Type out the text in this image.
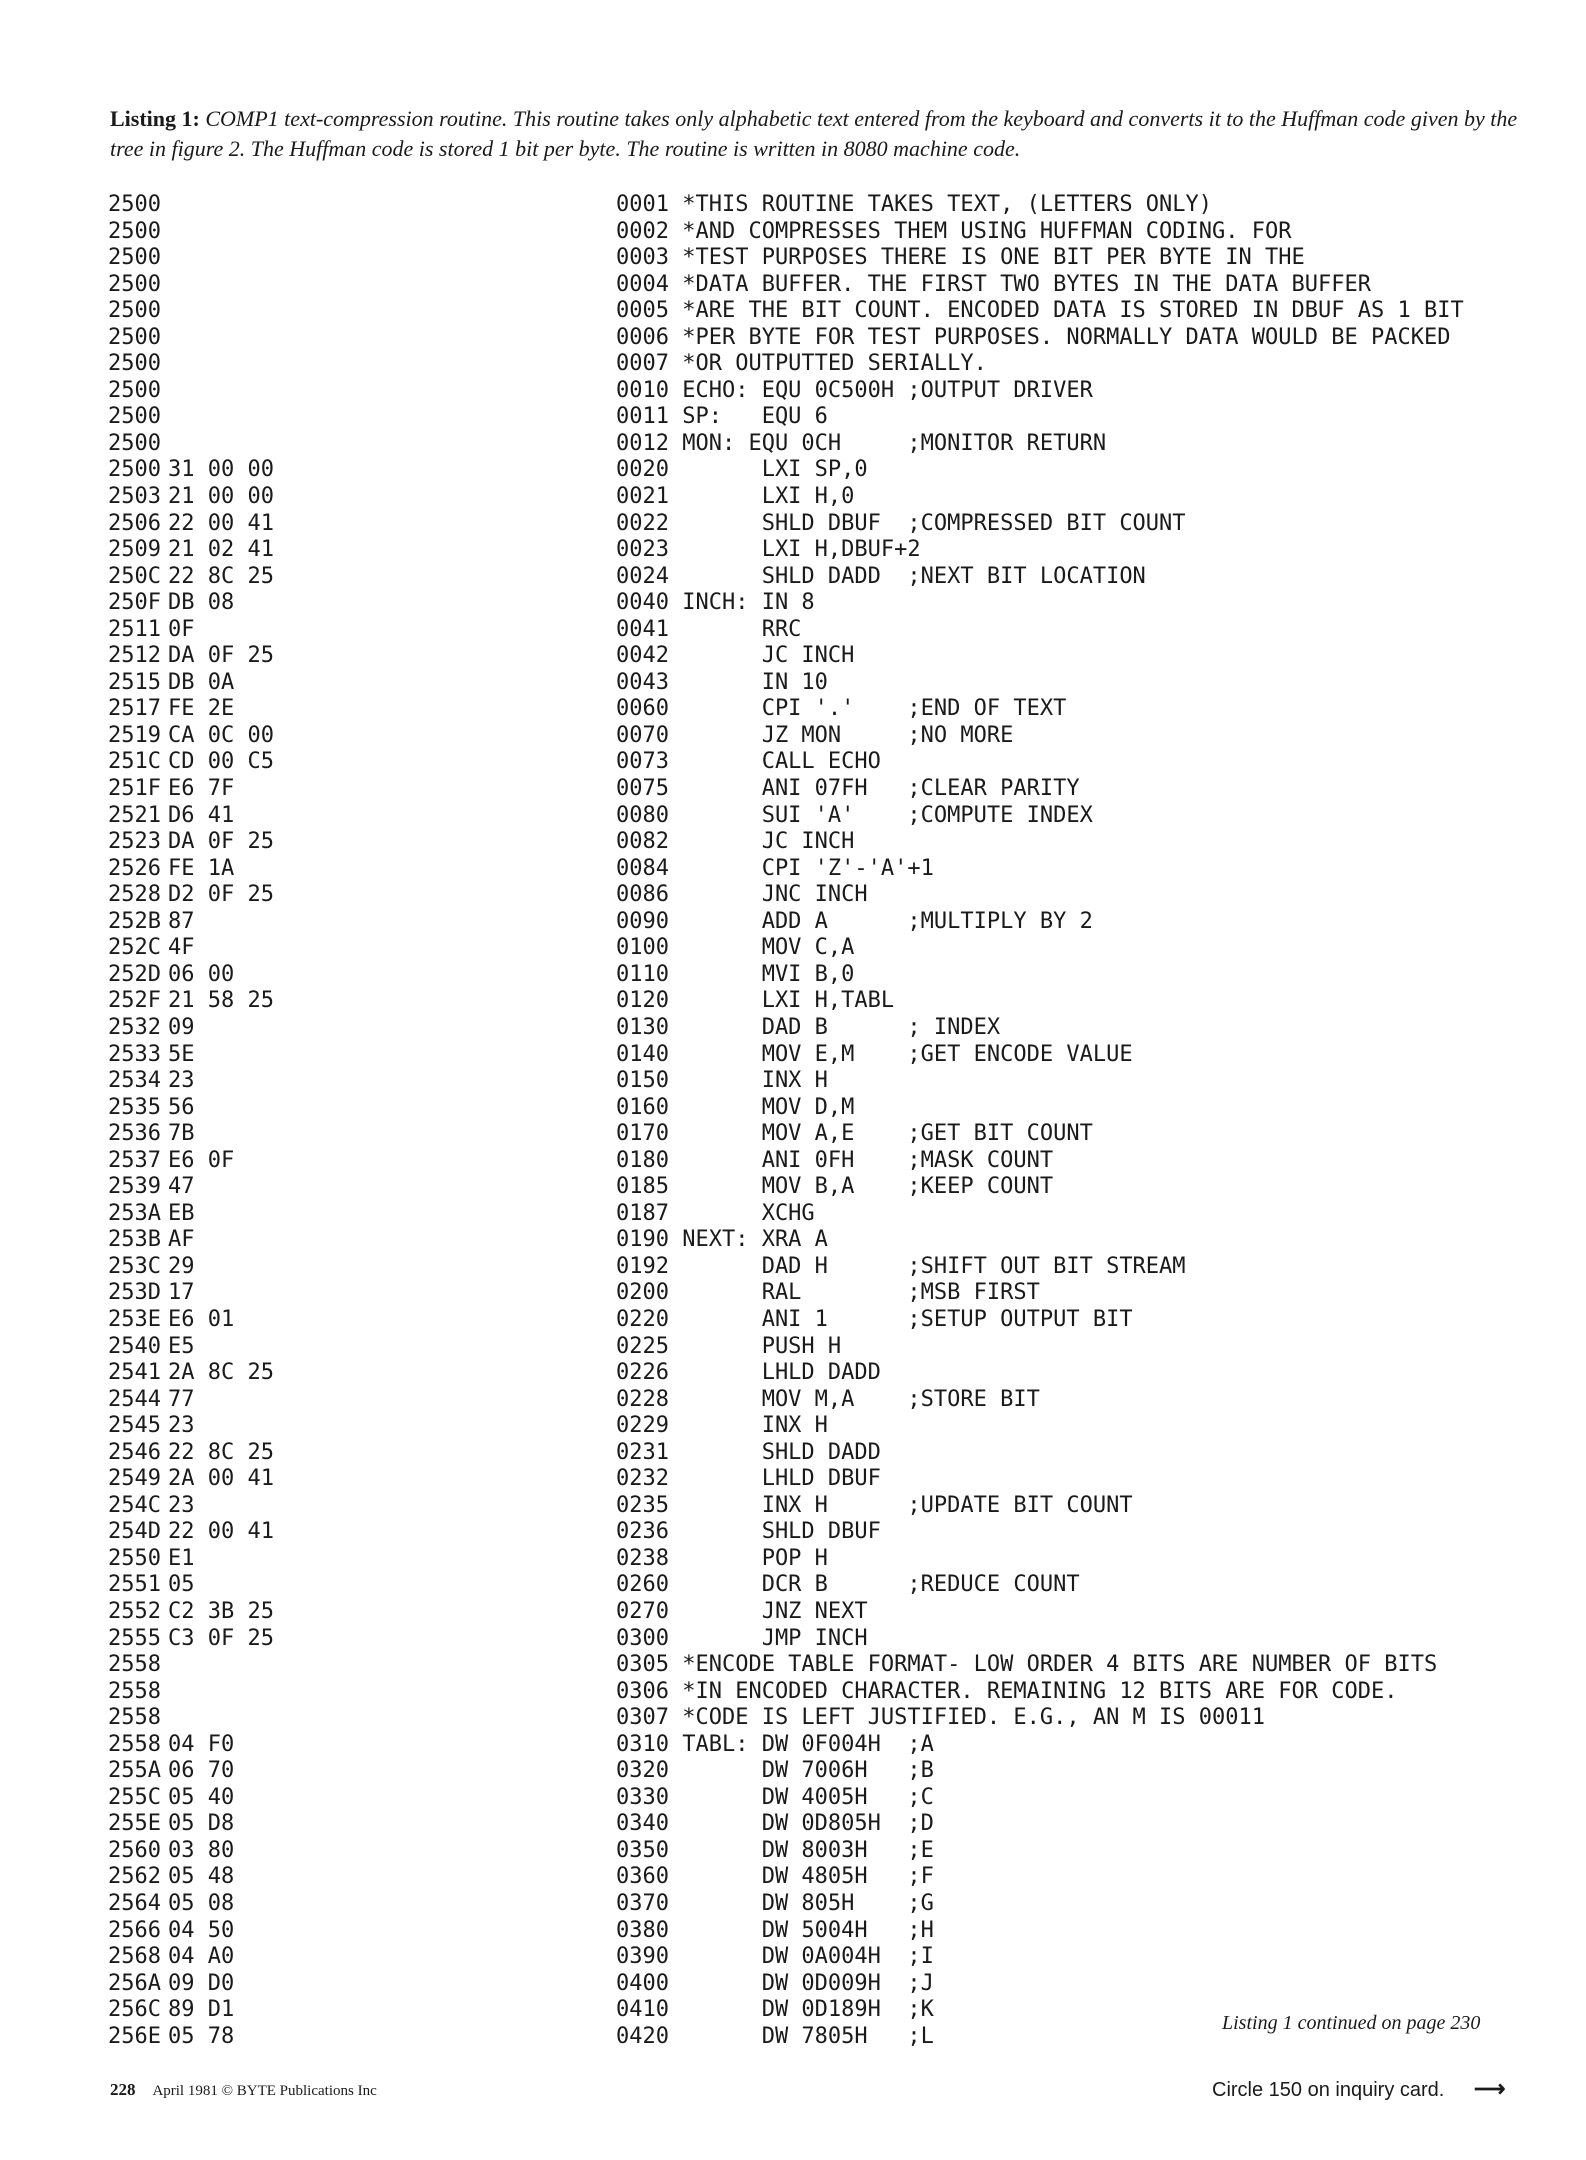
Listing 1: COMP1 text-compression routine. This routine takes only alphabetic text entered from the keyboard and converts it to the Huffman code given by the tree in figure 2. The Huffman code is stored 1 bit per byte. The routine is written in 8080 machine code.
2500	0001 *THIS ROUTINE TAKES TEXT, (LETTERS ONLY)
2500	0002 *AND COMPRESSES THEM USING HUFFMAN CODING. FOR
2500	0003 *TEST PURPOSES THERE IS ONE BIT PER BYTE IN THE
2500	0004 *DATA BUFFER. THE FIRST TWO BYTES IN THE DATA BUFFER
2500	0005 *ARE THE BIT COUNT. ENCODED DATA IS STORED IN DBUF AS 1 BIT
2500	0006 *PER BYTE FOR TEST PURPOSES. NORMALLY DATA WOULD BE PACKED
2500	0007 *OR OUTPUTTED SERIALLY.
2500	0010 ECHO: EQU 0C500H ;OUTPUT DRIVER
2500	0011 SP:   EQU 6
2500	0012 MON: EQU 0CH     ;MONITOR RETURN
2500 31 00 00	0020       LXI SP,0
2503 21 00 00	0021       LXI H,0
2506 22 00 41	0022       SHLD DBUF  ;COMPRESSED BIT COUNT
2509 21 02 41	0023       LXI H,DBUF+2
250C 22 8C 25	0024       SHLD DADD  ;NEXT BIT LOCATION
250F DB 08	0040 INCH: IN 8
2511 0F	0041       RRC
2512 DA 0F 25	0042       JC INCH
2515 DB 0A	0043       IN 10
2517 FE 2E	0060       CPI '.'    ;END OF TEXT
2519 CA 0C 00	0070       JZ MON     ;NO MORE
251C CD 00 C5	0073       CALL ECHO
251F E6 7F	0075       ANI 07FH   ;CLEAR PARITY
2521 D6 41	0080       SUI 'A'    ;COMPUTE INDEX
2523 DA 0F 25	0082       JC INCH
2526 FE 1A	0084       CPI 'Z'-'A'+1
2528 D2 0F 25	0086       JNC INCH
252B 87	0090       ADD A      ;MULTIPLY BY 2
252C 4F	0100       MOV C,A
252D 06 00	0110       MVI B,0
252F 21 58 25	0120       LXI H,TABL
2532 09	0130       DAD B      ; INDEX
2533 5E	0140       MOV E,M    ;GET ENCODE VALUE
2534 23	0150       INX H
2535 56	0160       MOV D,M
2536 7B	0170       MOV A,E    ;GET BIT COUNT
2537 E6 0F	0180       ANI 0FH    ;MASK COUNT
2539 47	0185       MOV B,A    ;KEEP COUNT
253A EB	0187       XCHG
253B AF	0190 NEXT: XRA A
253C 29	0192       DAD H      ;SHIFT OUT BIT STREAM
253D 17	0200       RAL        ;MSB FIRST
253E E6 01	0220       ANI 1      ;SETUP OUTPUT BIT
2540 E5	0225       PUSH H
2541 2A 8C 25	0226       LHLD DADD
2544 77	0228       MOV M,A    ;STORE BIT
2545 23	0229       INX H
2546 22 8C 25	0231       SHLD DADD
2549 2A 00 41	0232       LHLD DBUF
254C 23	0235       INX H      ;UPDATE BIT COUNT
254D 22 00 41	0236       SHLD DBUF
2550 E1	0238       POP H
2551 05	0260       DCR B      ;REDUCE COUNT
2552 C2 3B 25	0270       JNZ NEXT
2555 C3 0F 25	0300       JMP INCH
2558	0305 *ENCODE TABLE FORMAT- LOW ORDER 4 BITS ARE NUMBER OF BITS
2558	0306 *IN ENCODED CHARACTER. REMAINING 12 BITS ARE FOR CODE.
2558	0307 *CODE IS LEFT JUSTIFIED. E.G., AN M IS 00011
2558 04 F0	0310 TABL: DW 0F004H  ;A
255A 06 70	0320       DW 7006H   ;B
255C 05 40	0330       DW 4005H   ;C
255E 05 D8	0340       DW 0D805H  ;D
2560 03 80	0350       DW 8003H   ;E
2562 05 48	0360       DW 4805H   ;F
2564 05 08	0370       DW 805H    ;G
2566 04 50	0380       DW 5004H   ;H
2568 04 A0	0390       DW 0A004H  ;I
256A 09 D0	0400       DW 0D009H  ;J
256C 89 D1	0410       DW 0D189H  ;K
256E 05 78	0420       DW 7805H   ;L
Listing 1 continued on page 230
228 April 1981 © BYTE Publications Inc	Circle 150 on inquiry card. ⟶
